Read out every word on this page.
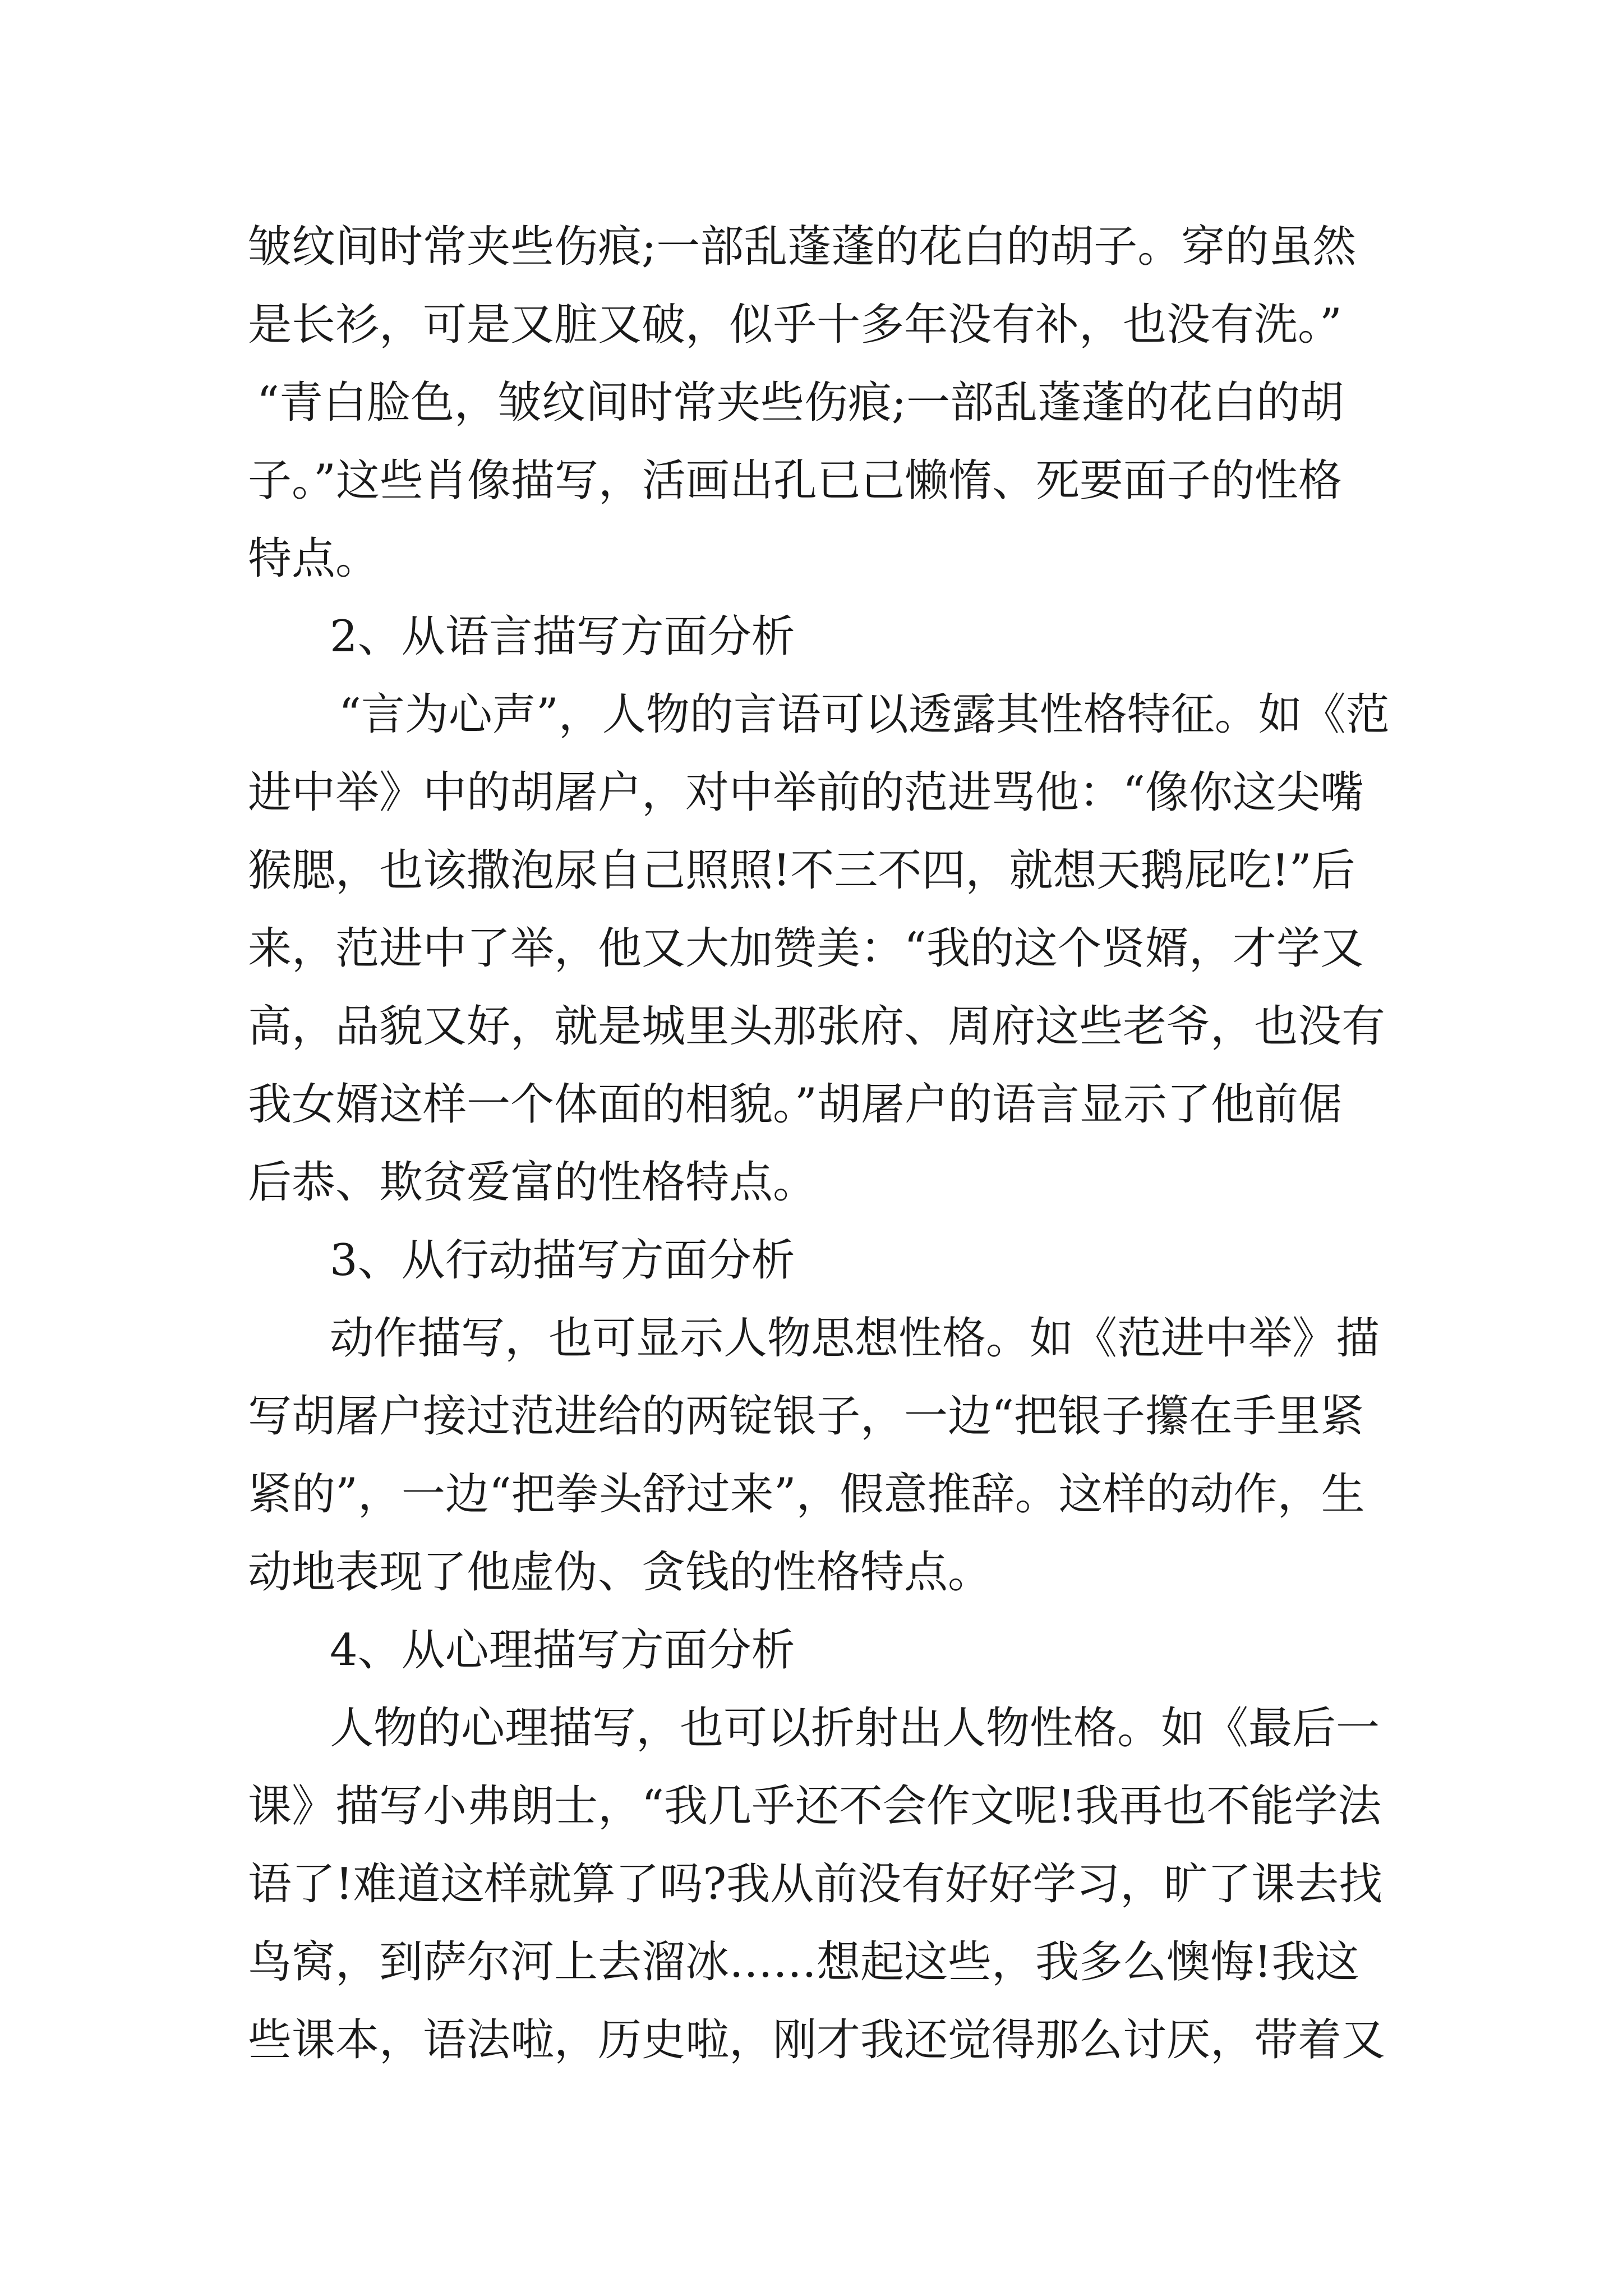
皱纹间时常夹些伤痕;一部乱蓬蓬的花白的胡子。穿的虽然
是长衫，可是又脏又破，似乎十多年没有补，也没有洗。”
“青白脸色，皱纹间时常夹些伤痕;一部乱蓬蓬的花白的胡
子。”这些肖像描写，活画出孔已己懒惰、死要面子的性格
特点。
2、从语言描写方面分析
“言为心声”，人物的言语可以透露其性格特征。如《范
进中举》中的胡屠户，对中举前的范进骂他：“像你这尖嘴
猴腮，也该撒泡尿自己照照!不三不四，就想天鹅屁吃!”后
来，范进中了举，他又大加赞美：“我的这个贤婿，才学又
高，品貌又好，就是城里头那张府、周府这些老爷，也没有
我女婿这样一个体面的相貌。”胡屠户的语言显示了他前倨
后恭、欺贫爱富的性格特点。
3、从行动描写方面分析
动作描写，也可显示人物思想性格。如《范进中举》描
写胡屠户接过范进给的两锭银子，一边“把银子攥在手里紧
紧的”，一边“把拳头舒过来”，假意推辞。这样的动作，生
动地表现了他虚伪、贪钱的性格特点。
4、从心理描写方面分析
人物的心理描写，也可以折射出人物性格。如《最后一
课》描写小弗朗士，“我几乎还不会作文呢!我再也不能学法
语了!难道这样就算了吗?我从前没有好好学习，旷了课去找
鸟窝，到萨尔河上去溜冰……想起这些，我多么懊悔!我这
些课本，语法啦，历史啦，刚才我还觉得那么讨厌，带着又
